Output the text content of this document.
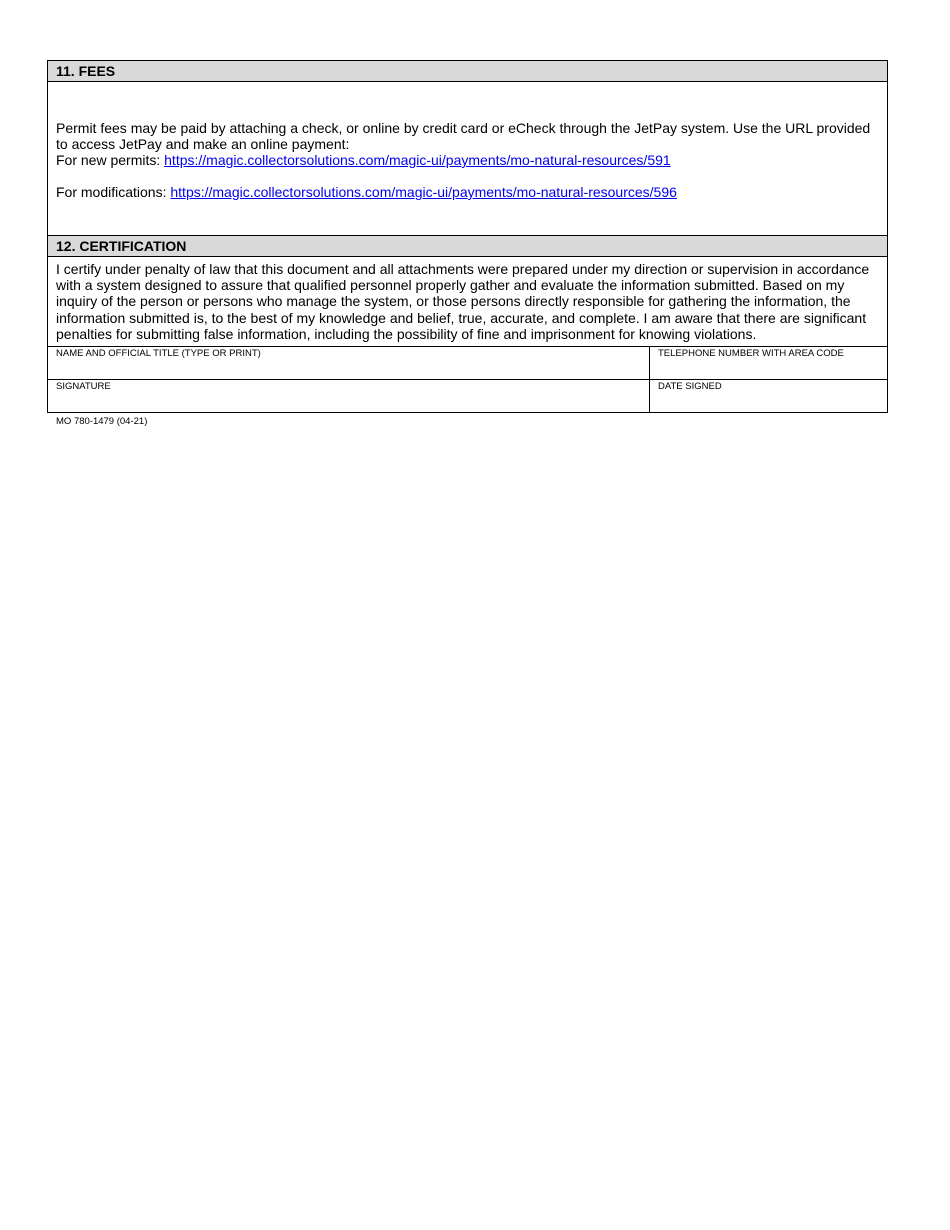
11. FEES

Permit fees may be paid by attaching a check, or online by credit card or eCheck through the JetPay system. Use the URL provided to access JetPay and make an online payment:

For new permits: https://magic.collectorsolutions.com/magic-ui/payments/mo-natural-resources/591

For modifications: https://magic.collectorsolutions.com/magic-ui/payments/mo-natural-resources/596

12. CERTIFICATION
I certify under penalty of law that this document and all attachments were prepared under my direction or supervision in accordance with a system designed to assure that qualified personnel properly gather and evaluate the information submitted. Based on my inquiry of the person or persons who manage the system, or those persons directly responsible for gathering the information, the information submitted is, to the best of my knowledge and belief, true, accurate, and complete. I am aware that there are significant penalties for submitting false information, including the possibility of fine and imprisonment for knowing violations.
NAME AND OFFICIAL TITLE (TYPE OR PRINT)	TELEPHONE NUMBER WITH AREA CODE
SIGNATURE	DATE SIGNED
MO 780-1479 (04-21)
